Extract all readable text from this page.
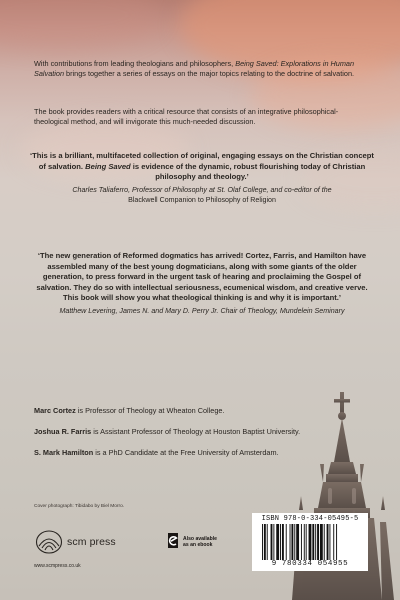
With contributions from leading theologians and philosophers, Being Saved: Explorations in Human Salvation brings together a series of essays on the major topics relating to the doctrine of salvation.
The book provides readers with a critical resource that consists of an integrative philosophical-theological method, and will invigorate this much-needed discussion.
‘This is a brilliant, multifaceted collection of original, engaging essays on the Christian concept of salvation. Being Saved is evidence of the dynamic, robust flourishing today of Christian philosophy and theology.’
Charles Taliaferro, Professor of Philosophy at St. Olaf College, and co-editor of the
Blackwell Companion to Philosophy of Religion
‘The new generation of Reformed dogmatics has arrived! Cortez, Farris, and Hamilton have assembled many of the best young dogmaticians, along with some giants of the older generation, to press forward in the urgent task of hearing and proclaiming the Gospel of salvation. They do so with intellectual seriousness, ecumenical wisdom, and creative verve. This book will show you what theological thinking is and why it is important.’
Matthew Levering, James N. and Mary D. Perry Jr. Chair of Theology, Mundelein Seminary
Marc Cortez is Professor of Theology at Wheaton College.
Joshua R. Farris is Assistant Professor of Theology at Houston Baptist University.
S. Mark Hamilton is a PhD Candidate at the Free University of Amsterdam.
Cover photograph: Tibidabo by Biel Morro.
scm press
www.scmpress.co.uk
Also available
as an ebook
ISBN 978-0-334-05495-5
9 780334 054955
